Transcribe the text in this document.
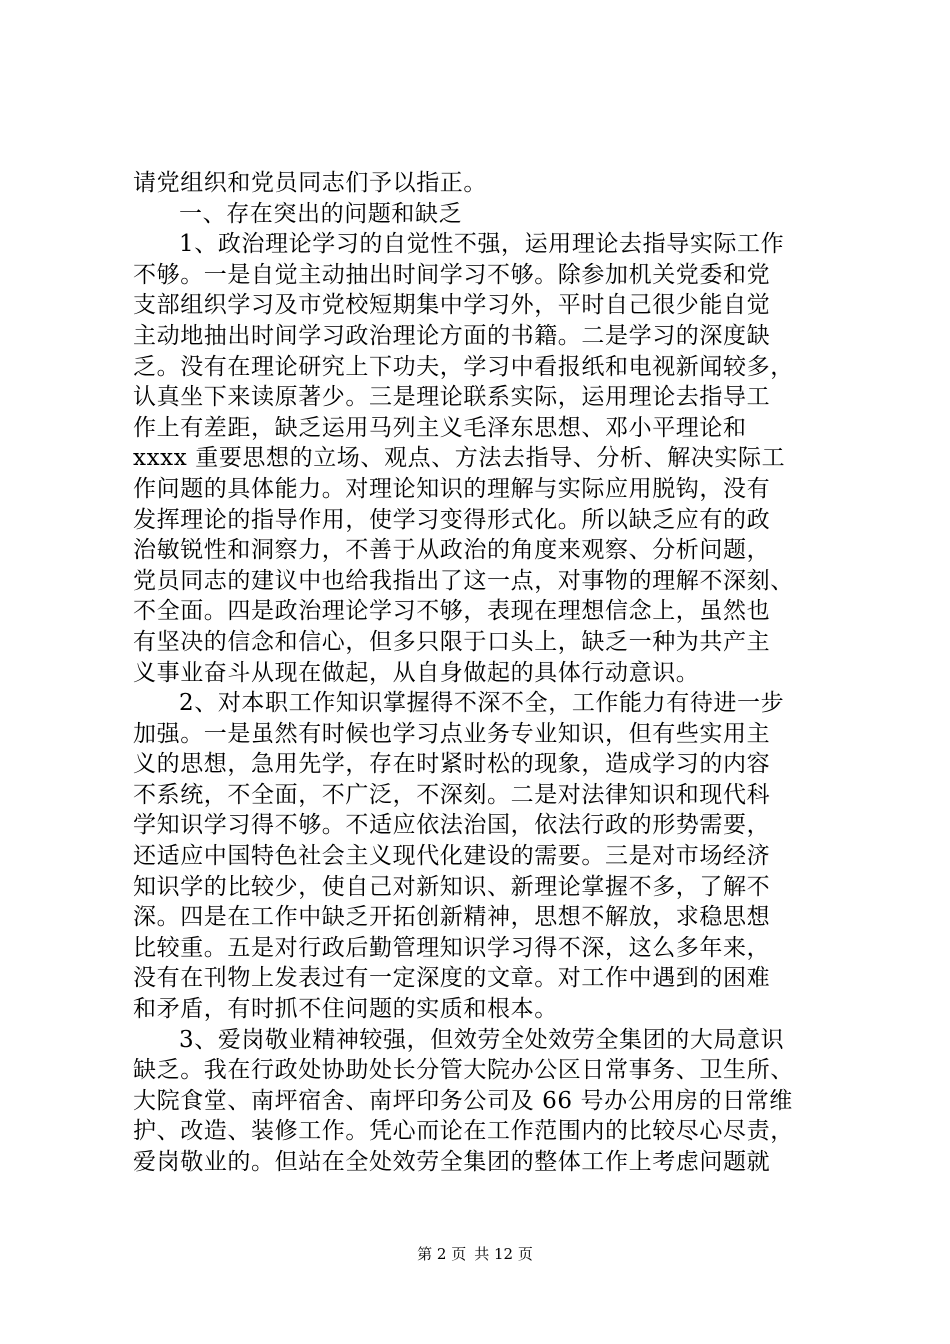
请党组织和党员同志们予以指正。
一、存在突出的问题和缺乏
1、政治理论学习的自觉性不强，运用理论去指导实际工作
不够。一是自觉主动抽出时间学习不够。除参加机关党委和党
支部组织学习及市党校短期集中学习外，平时自己很少能自觉
主动地抽出时间学习政治理论方面的书籍。二是学习的深度缺
乏。没有在理论研究上下功夫，学习中看报纸和电视新闻较多，
认真坐下来读原著少。三是理论联系实际，运用理论去指导工
作上有差距，缺乏运用马列主义毛泽东思想、邓小平理论和
xxxx 重要思想的立场、观点、方法去指导、分析、解决实际工
作问题的具体能力。对理论知识的理解与实际应用脱钩，没有
发挥理论的指导作用，使学习变得形式化。所以缺乏应有的政
治敏锐性和洞察力，不善于从政治的角度来观察、分析问题，
党员同志的建议中也给我指出了这一点，对事物的理解不深刻、
不全面。四是政治理论学习不够，表现在理想信念上，虽然也
有坚决的信念和信心，但多只限于口头上，缺乏一种为共产主
义事业奋斗从现在做起，从自身做起的具体行动意识。
2、对本职工作知识掌握得不深不全，工作能力有待进一步
加强。一是虽然有时候也学习点业务专业知识，但有些实用主
义的思想，急用先学，存在时紧时松的现象，造成学习的内容
不系统，不全面，不广泛，不深刻。二是对法律知识和现代科
学知识学习得不够。不适应依法治国，依法行政的形势需要，
还适应中国特色社会主义现代化建设的需要。三是对市场经济
知识学的比较少，使自己对新知识、新理论掌握不多，了解不
深。四是在工作中缺乏开拓创新精神，思想不解放，求稳思想
比较重。五是对行政后勤管理知识学习得不深，这么多年来，
没有在刊物上发表过有一定深度的文章。对工作中遇到的困难
和矛盾，有时抓不住问题的实质和根本。
3、爱岗敬业精神较强，但效劳全处效劳全集团的大局意识
缺乏。我在行政处协助处长分管大院办公区日常事务、卫生所、
大院食堂、南坪宿舍、南坪印务公司及 66 号办公用房的日常维
护、改造、装修工作。凭心而论在工作范围内的比较尽心尽责，
爱岗敬业的。但站在全处效劳全集团的整体工作上考虑问题就
第 2 页 共 12 页
